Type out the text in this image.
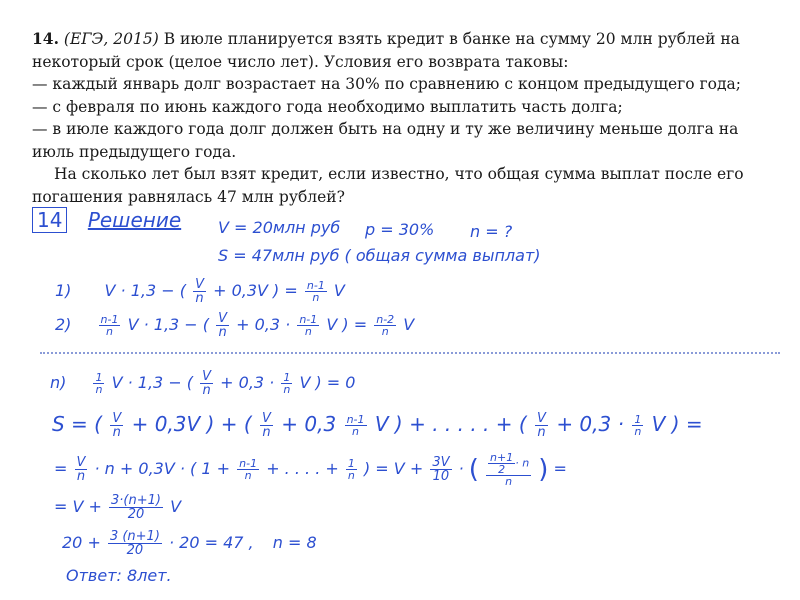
14. (ЕГЭ, 2015) В июле планируется взять кредит в банке на сумму 20 млн рублей на некоторый срок (целое число лет). Условия его возврата таковы:

— каждый январь долг возрастает на 30% по сравнению с концом предыдущего года;

— с февраля по июнь каждого года необходимо выплатить часть долга;

— в июле каждого года долг должен быть на одну и ту же величину меньше долга на июль предыдущего года.

На сколько лет был взят кредит, если известно, что общая сумма выплат после его погашения равнялась 47 млн рублей?

14 Решение V = 20млн руб p = 30% n = ?
S = 47млн руб ( общая сумма выплат)
1) V · 1,3 − ( $\frac{V}{n} + 0,3V$ ) = $\frac{n-1}{n}$ V
$2) \frac{n-1}{n}$ V · 1,3 − ( $\frac{V}{n} + 0,3 \cdot \frac{n-1}{n}$ V ) = $\frac{n-2}{n}$ V
$n) \frac{1}{n}$ V · 1,3 − ( $\frac{V}{n} + 0,3 \cdot \frac{1}{n}$ V ) = 0
S = ( $\frac{V}{n} + 0,3V$ ) + ( $\frac{V}{n} + 0,3 \frac{n-1}{n}$ V ) + . . . . . + ( $\frac{V}{n} + 0,3 \cdot \frac{1}{n}$ V ) =
= $\frac{V}{n} \cdot n + 0,3V$ · ( $1 + \frac{n-1}{n}$ + . . . . + $\frac{1}{n}$ ) = $V + \frac{3V}{10}$ · ( $\frac{\frac{n+1}{2} \cdot n}{n}$ ) =
= $V + \frac{3\cdot(n+1)}{20}$ V
$20 + \frac{3 (n+1)}{20} \cdot 20 = 47$ , n = 8
Ответ: 8лет.
